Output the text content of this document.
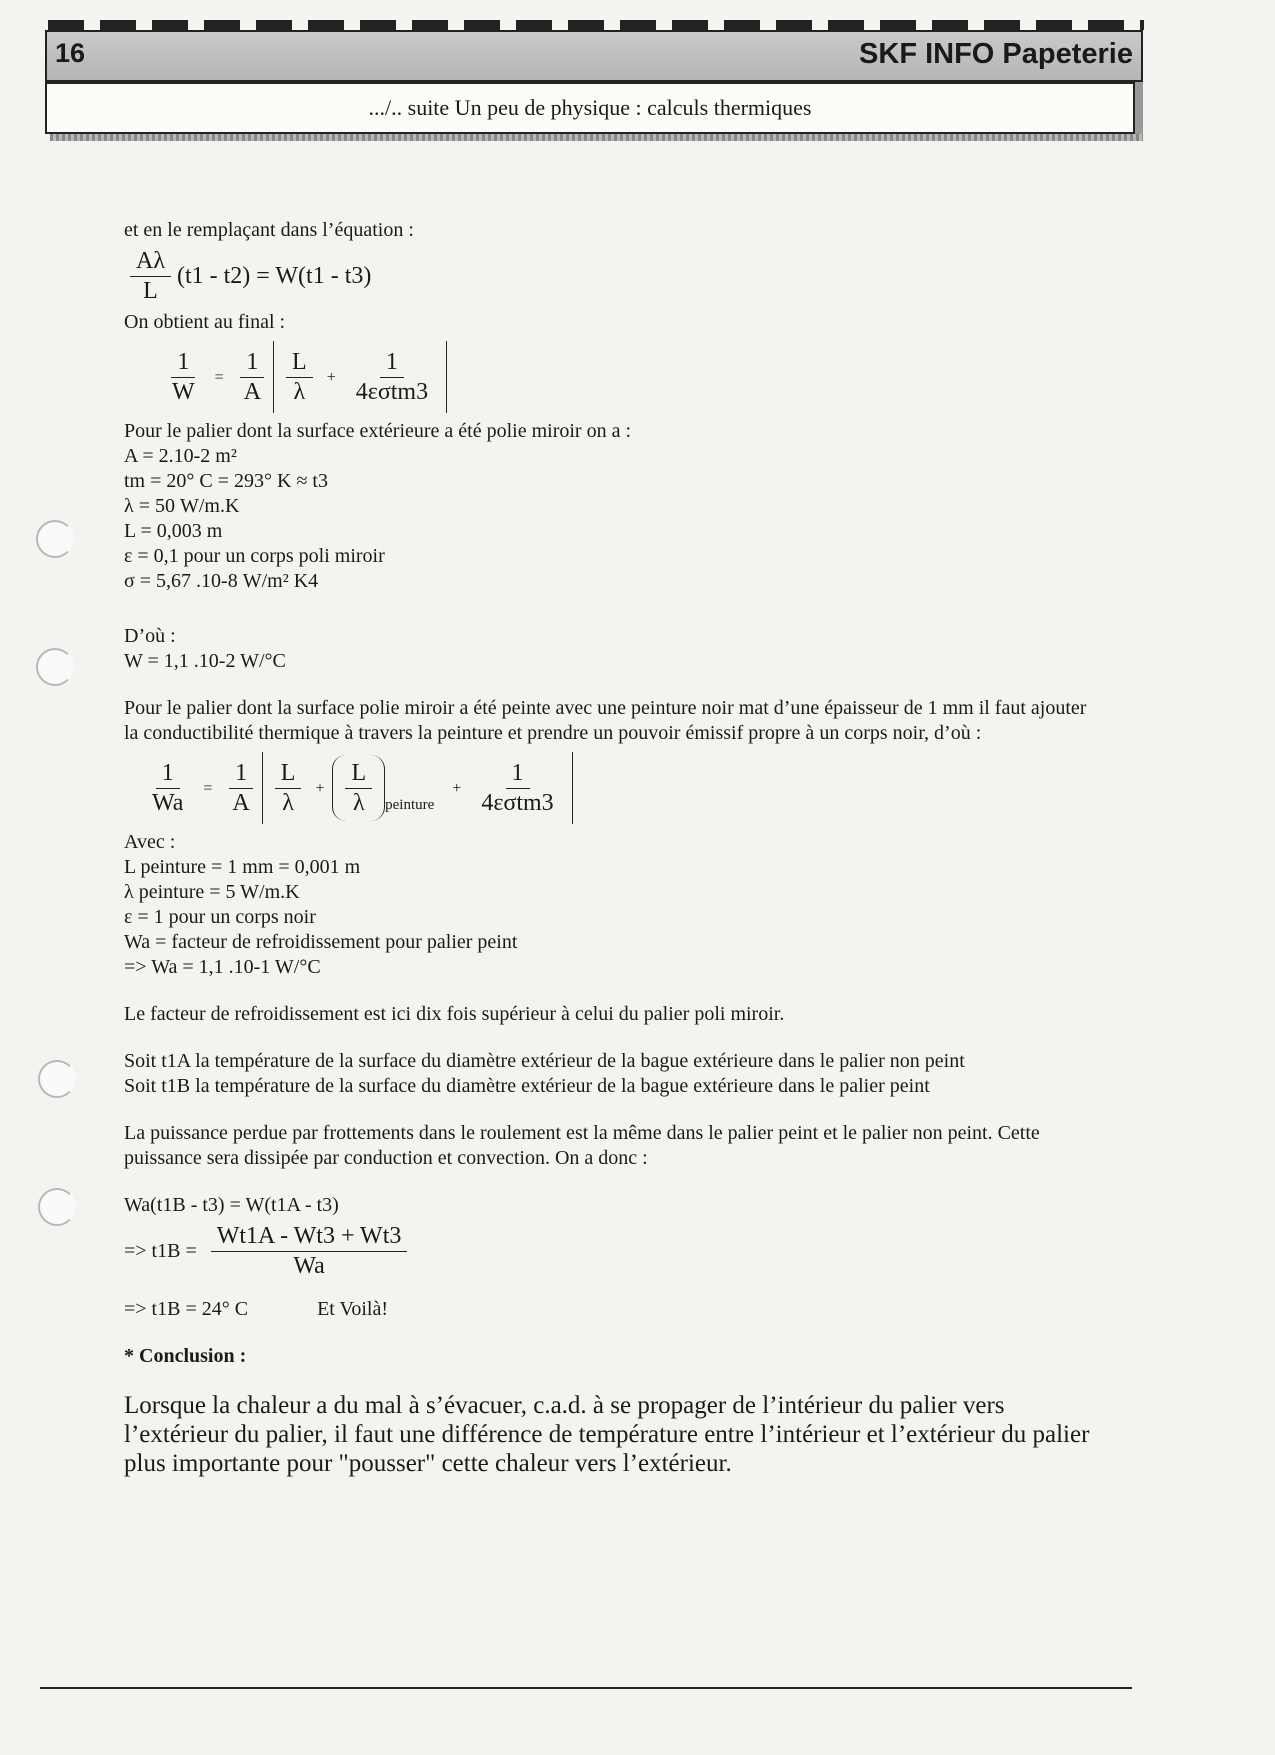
16	SKF INFO Papeterie
.../.. suite Un peu de physique : calculs thermiques

et en le remplaçant dans l’équation :

$\frac{A\lambda}{L} (t1 - t2) = W(t1 - t3)$

On obtient au final :

$\frac{1}{W} = \frac{1}{A} \frac{L}{\lambda} + \frac{1}{\text{4εσtm3}}$

Pour le palier dont la surface extérieure a été polie miroir on a :

A = 2.10-2 m²

tm = 20° C = 293° K ≈ t3

λ = 50 W/m.K

L = 0,003 m

ε = 0,1 pour un corps poli miroir

σ = 5,67 .10-8 W/m² K4

D’où :

W = 1,1 .10-2 W/°C

Pour le palier dont la surface polie miroir a été peinte avec une peinture noir mat d’une épaisseur de 1 mm il faut ajouter la conductibilité thermique à travers la peinture et prendre un pouvoir émissif propre à un corps noir, d’où :

$\frac{1}{Wa} = \frac{1}{A} \frac{L}{\lambda} + \frac{L}{\lambda}$ peinture
+ $\frac{1}{\text{4εσtm3}}$

Avec :

L peinture = 1 mm = 0,001 m

λ peinture = 5 W/m.K

ε = 1 pour un corps noir

Wa = facteur de refroidissement pour palier peint

=> Wa = 1,1 .10-1 W/°C

Le facteur de refroidissement est ici dix fois supérieur à celui du palier poli miroir.

Soit t1A la température de la surface du diamètre extérieur de la bague extérieure dans le palier non peint

Soit t1B la température de la surface du diamètre extérieur de la bague extérieure dans le palier peint

La puissance perdue par frottements dans le roulement est la même dans le palier peint et le palier non peint. Cette puissance sera dissipée par conduction et convection. On a donc :

Wa(t1B - t3) = W(t1A - t3)

=> $t1B = \frac{Wt1A - Wt3 + Wt3}{Wa}$

=> t1B = 24° C	Et Voilà!

* Conclusion :

Lorsque la chaleur a du mal à s’évacuer, c.a.d. à se propager de l’intérieur du palier vers l’extérieur du palier, il faut une différence de température entre l’intérieur et l’extérieur du palier plus importante pour "pousser" cette chaleur vers l’extérieur.
